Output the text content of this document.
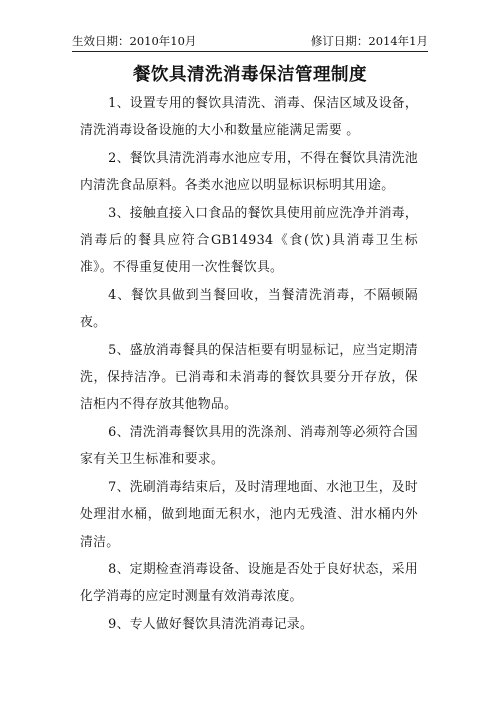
生效日期：2010年10月	修订日期：2014年1月
餐饮具清洗消毒保洁管理制度

1、设置专用的餐饮具清洗、消毒、保洁区域及设备，清洗消毒设备设施的大小和数量应能满足需要 。

2、餐饮具清洗消毒水池应专用，不得在餐饮具清洗池内清洗食品原料。各类水池应以明显标识标明其用途。

3、接触直接入口食品的餐饮具使用前应洗净并消毒，消毒后的餐具应符合GB14934《食(饮)具消毒卫生标准》。不得重复使用一次性餐饮具。

4、餐饮具做到当餐回收，当餐清洗消毒，不隔顿隔夜。

5、盛放消毒餐具的保洁柜要有明显标记，应当定期清洗，保持洁净。已消毒和未消毒的餐饮具要分开存放，保洁柜内不得存放其他物品。

6、清洗消毒餐饮具用的洗涤剂、消毒剂等必须符合国家有关卫生标准和要求。

7、洗刷消毒结束后，及时清理地面、水池卫生，及时处理泔水桶，做到地面无积水，池内无残渣、泔水桶内外清洁。

8、定期检查消毒设备、设施是否处于良好状态，采用化学消毒的应定时测量有效消毒浓度。

9、专人做好餐饮具清洗消毒记录。
